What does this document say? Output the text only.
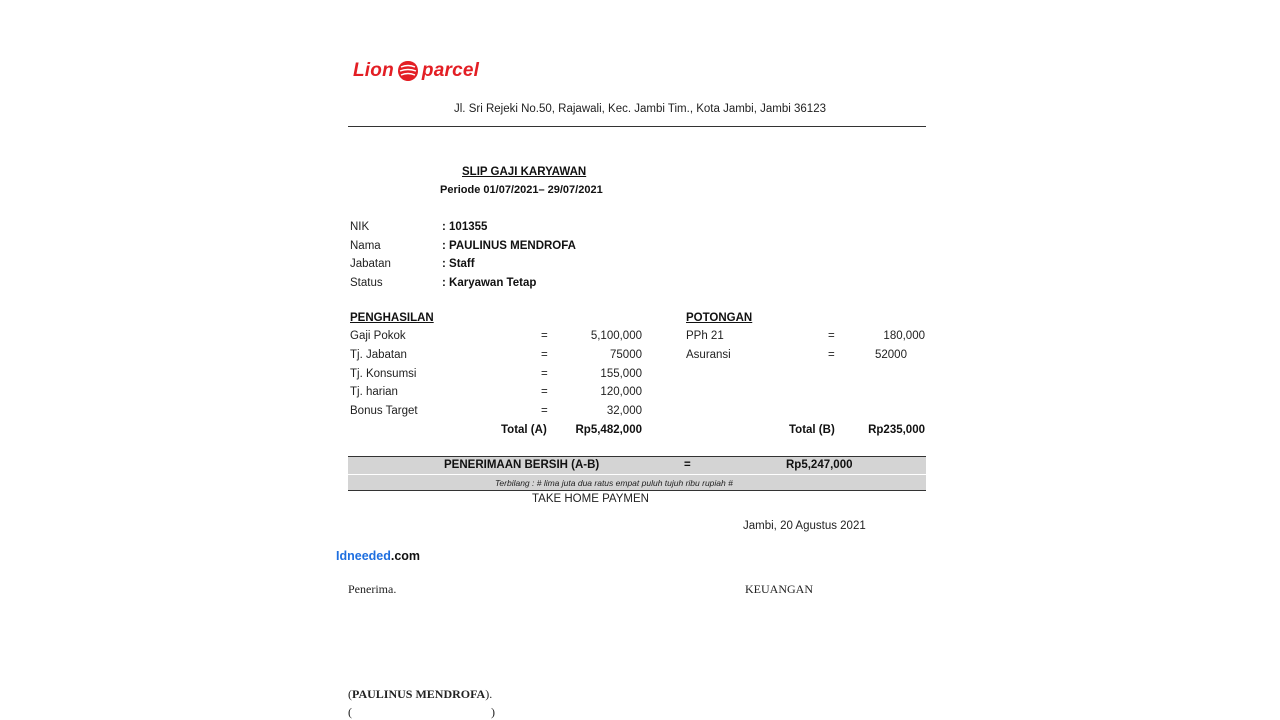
Lion parcel
Jl. Sri Rejeki No.50, Rajawali, Kec. Jambi Tim., Kota Jambi, Jambi 36123
SLIP GAJI KARYAWAN
Periode 01/07/2021– 29/07/2021
NIK	: 101355
Nama	: PAULINUS MENDROFA
Jabatan	: Staff
Status	: Karyawan Tetap
PENGHASILAN
Gaji Pokok	=	5,100,000
Tj. Jabatan	=	75000
Tj. Konsumsi	=	155,000
Tj. harian	=	120,000
Bonus Target	=	32,000
Total (A) Rp5,482,000
POTONGAN
PPh 21	=	180,000
Asuransi	=	52000
Total (B)	Rp235,000
PENERIMAAN BERSIH (A-B)	=	Rp5,247,000
Terbilang : # lima juta dua ratus empat puluh tujuh ribu rupiah #
TAKE HOME PAYMEN
Jambi, 20 Agustus 2021
Idneeded.com
Penerima.	KEUANGAN
(PAULINUS MENDROFA).
(	)
